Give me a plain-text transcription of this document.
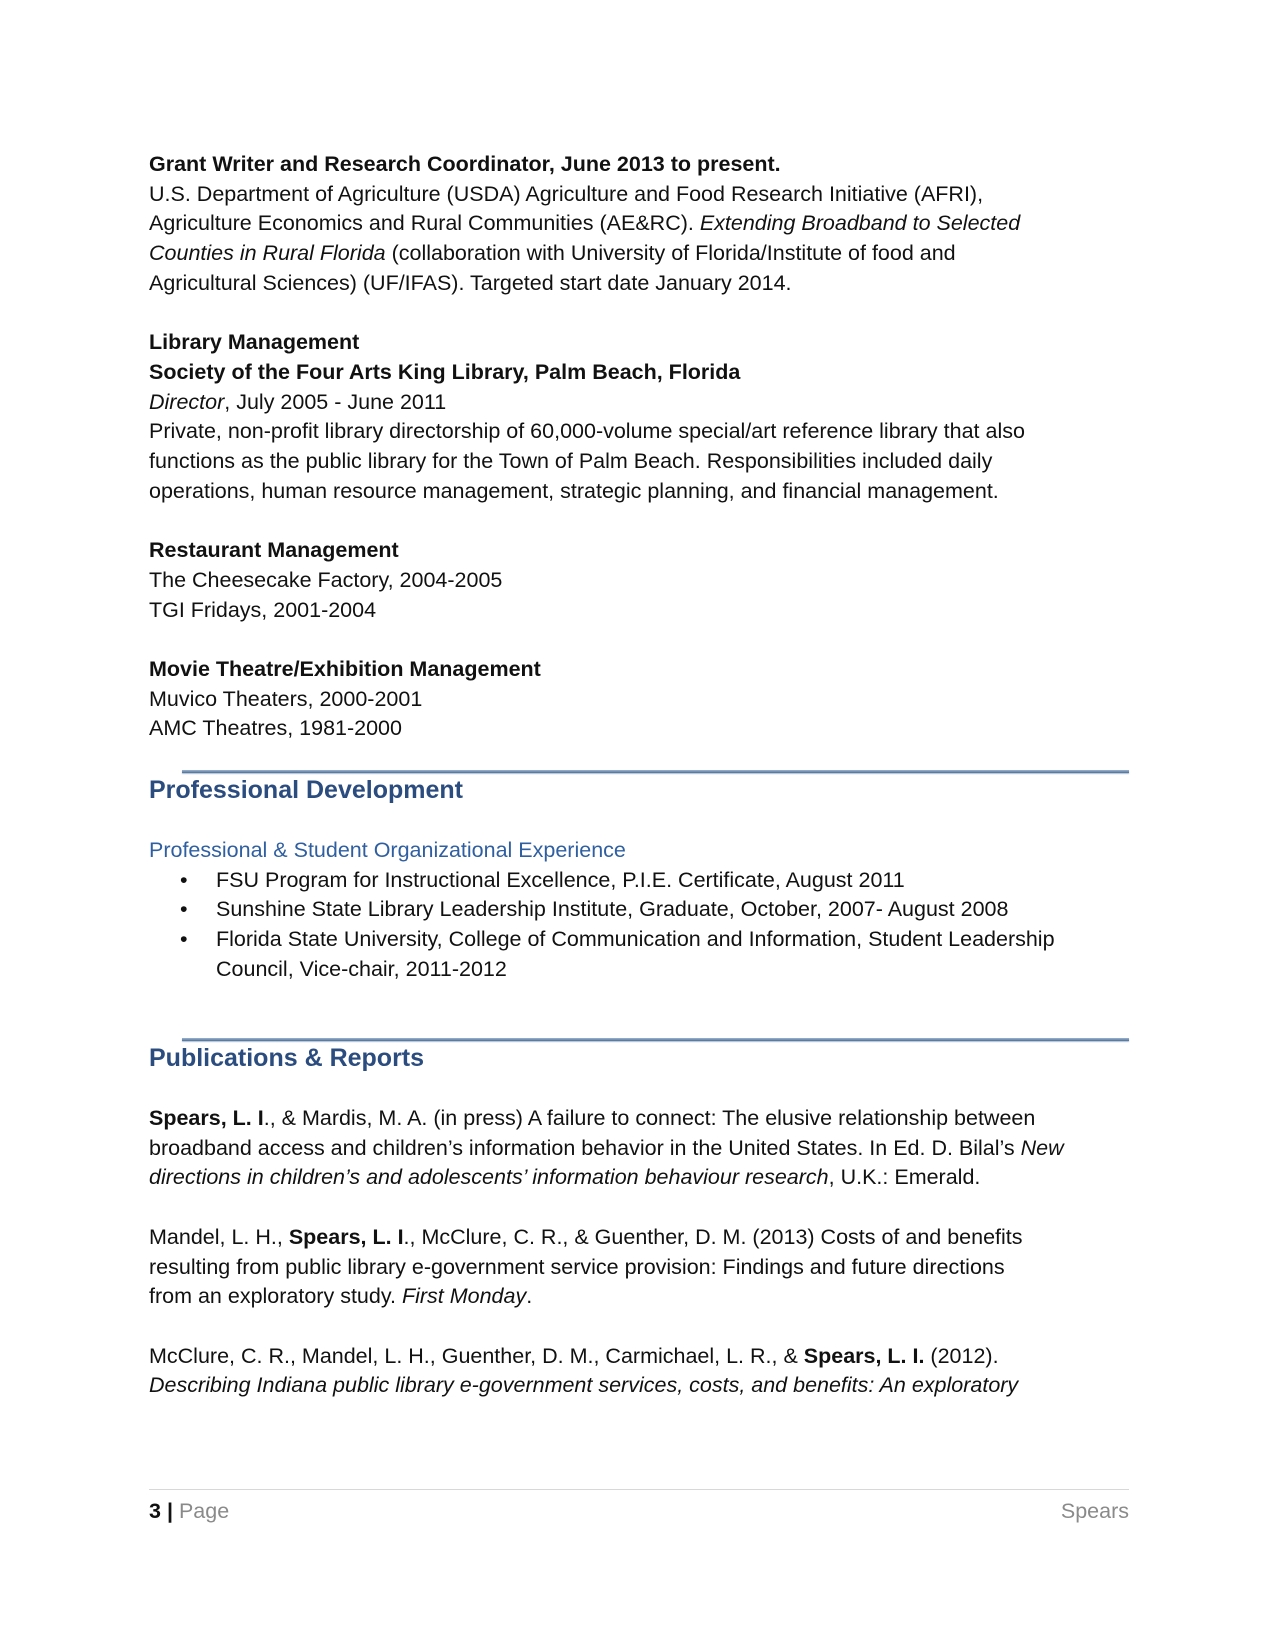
Grant Writer and Research Coordinator, June 2013 to present.
U.S. Department of Agriculture (USDA) Agriculture and Food Research Initiative (AFRI),
Agriculture Economics and Rural Communities (AE&RC). Extending Broadband to Selected
Counties in Rural Florida (collaboration with University of Florida/Institute of food and
Agricultural Sciences) (UF/IFAS). Targeted start date January 2014.
Library Management
Society of the Four Arts King Library, Palm Beach, Florida
Director, July 2005 - June 2011
Private, non-profit library directorship of 60,000-volume special/art reference library that also
functions as the public library for the Town of Palm Beach. Responsibilities included daily
operations, human resource management, strategic planning, and financial management.
Restaurant Management
The Cheesecake Factory, 2004-2005
TGI Fridays, 2001-2004
Movie Theatre/Exhibition Management
Muvico Theaters, 2000-2001
AMC Theatres, 1981-2000
Professional Development
Professional & Student Organizational Experience
• FSU Program for Instructional Excellence, P.I.E. Certificate, August 2011
• Sunshine State Library Leadership Institute, Graduate, October, 2007- August 2008
• Florida State University, College of Communication and Information, Student Leadership
Council, Vice-chair, 2011-2012
Publications & Reports
Spears, L. I., & Mardis, M. A. (in press) A failure to connect: The elusive relationship between
broadband access and children’s information behavior in the United States. In Ed. D. Bilal’s New
directions in children’s and adolescents’ information behaviour research, U.K.: Emerald.
Mandel, L. H., Spears, L. I., McClure, C. R., & Guenther, D. M. (2013) Costs of and benefits
resulting from public library e-government service provision: Findings and future directions
from an exploratory study. First Monday.
McClure, C. R., Mandel, L. H., Guenther, D. M., Carmichael, L. R., & Spears, L. I. (2012).
Describing Indiana public library e-government services, costs, and benefits: An exploratory
3 | Page	Spears
